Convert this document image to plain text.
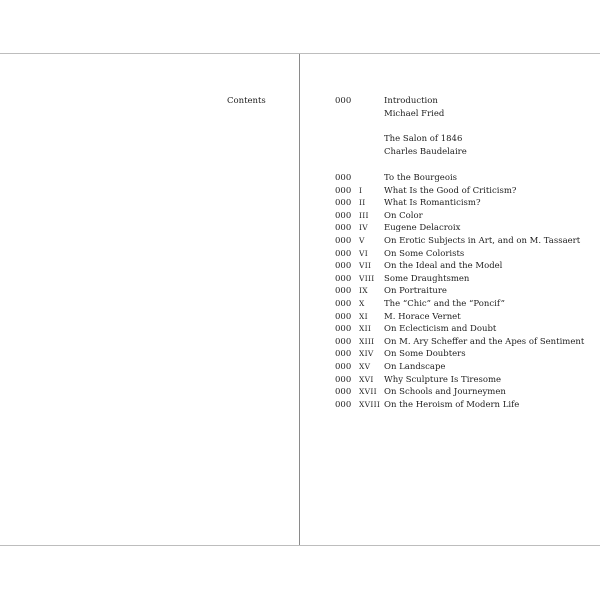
Contents	000	Introduction
Michael Fried
The Salon of 1846
Charles Baudelaire
000	To the Bourgeois
000 I	What Is the Good of Criticism?
000 II What Is Romanticism?
000 III On Color
000 IV Eugene Delacroix
000 V On Erotic Subjects in Art, and on M. Tassaert
000 VI On Some Colorists
000 VII On the Ideal and the Model
000 VIII Some Draughtsmen
000 IX On Portraiture
000 X The “Chic” and the “Poncif”
000 XI M. Horace Vernet
000 XII On Eclecticism and Doubt
000 XIII On M. Ary Scheffer and the Apes of Sentiment
000 XIV On Some Doubters
000 XV On Landscape
000 XVI Why Sculpture Is Tiresome
000 XVII On Schools and Journeymen
000 XVIII On the Heroism of Modern Life
